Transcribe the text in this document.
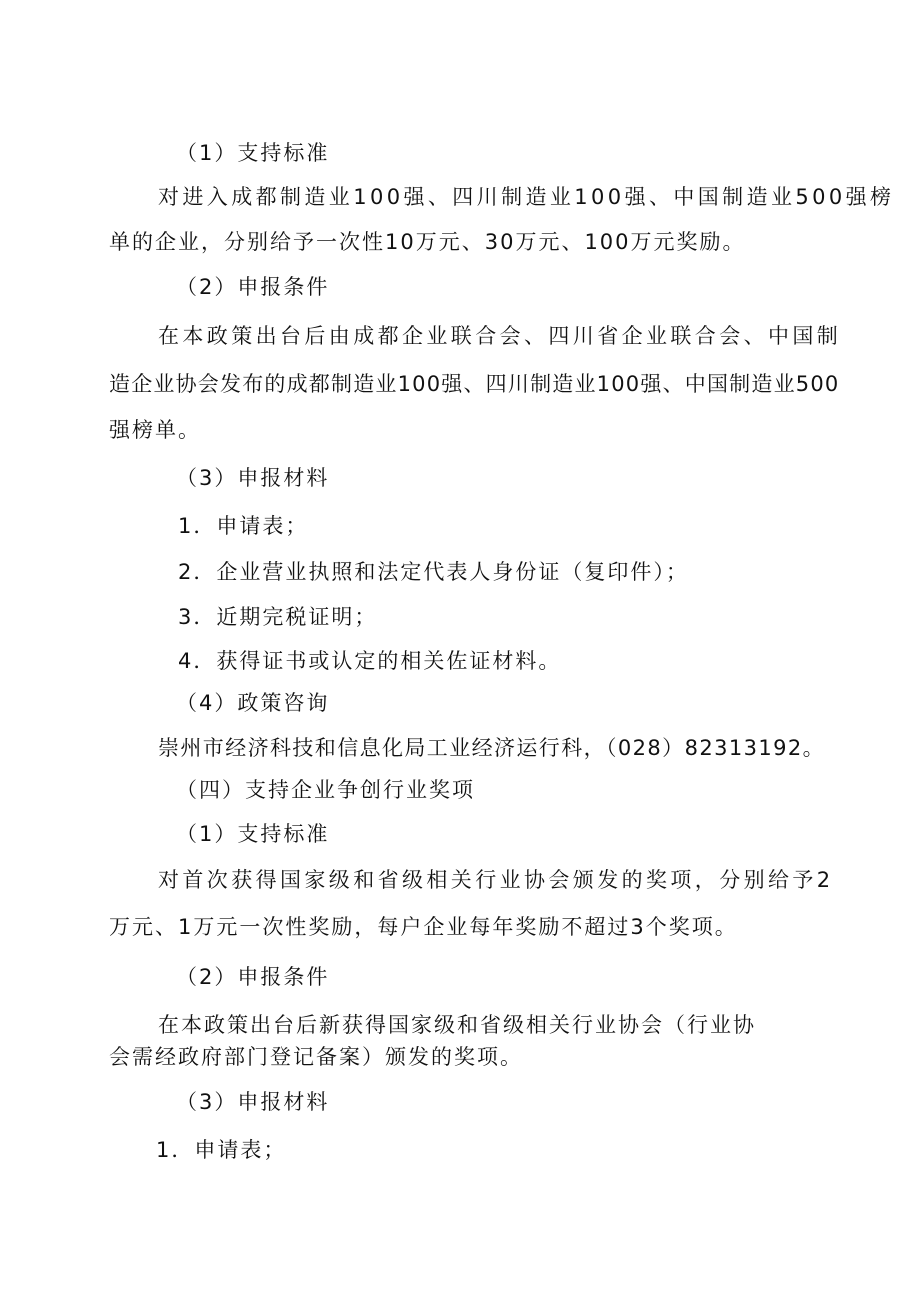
（1）支持标准

对进入成都制造业100强、四川制造业100强、中国制造业500强榜

单的企业，分别给予一次性10万元、30万元、100万元奖励。

（2）申报条件

在本政策出台后由成都企业联合会、四川省企业联合会、中国制

造企业协会发布的成都制造业100强、四川制造业100强、中国制造业500

强榜单。

（3）申报材料

1．申请表；

2．企业营业执照和法定代表人身份证（复印件）；

3．近期完税证明；

4．获得证书或认定的相关佐证材料。

（4）政策咨询

崇州市经济科技和信息化局工业经济运行科，（028）82313192。

（四）支持企业争创行业奖项

（1）支持标准

对首次获得国家级和省级相关行业协会颁发的奖项，分别给予2

万元、1万元一次性奖励，每户企业每年奖励不超过3个奖项。

（2）申报条件

在本政策出台后新获得国家级和省级相关行业协会（行业协

会需经政府部门登记备案）颁发的奖项。

（3）申报材料

1．申请表；
